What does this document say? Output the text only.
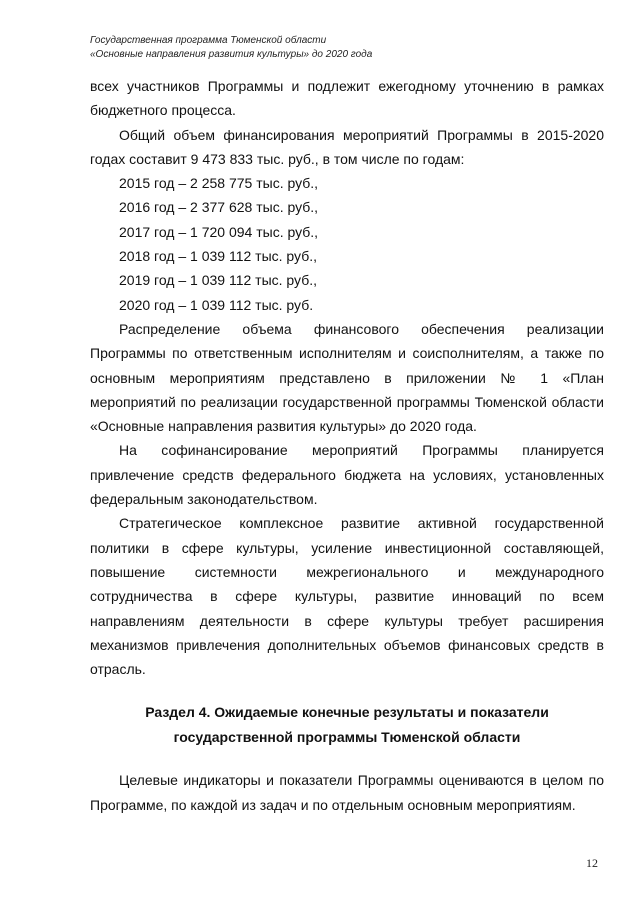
Государственная программа Тюменской области
«Основные направления развития культуры» до 2020 года

всех участников Программы и подлежит ежегодному уточнению в рамках бюджетного процесса.

Общий объем финансирования мероприятий Программы в 2015-2020 годах составит 9 473 833 тыс. руб., в том числе по годам:

2015 год – 2 258 775 тыс. руб.,

2016 год – 2 377 628 тыс. руб.,

2017 год – 1 720 094 тыс. руб.,

2018 год – 1 039 112 тыс. руб.,

2019 год – 1 039 112 тыс. руб.,

2020 год – 1 039 112 тыс. руб.

Распределение объема финансового обеспечения реализации Программы по ответственным исполнителям и соисполнителям, а также по основным мероприятиям представлено в приложении № 1 «План мероприятий по реализации государственной программы Тюменской области «Основные направления развития культуры» до 2020 года.

На софинансирование мероприятий Программы планируется привлечение средств федерального бюджета на условиях, установленных федеральным законодательством.

Стратегическое комплексное развитие активной государственной политики в сфере культуры, усиление инвестиционной составляющей, повышение системности межрегионального и международного сотрудничества в сфере культуры, развитие инноваций по всем направлениям деятельности в сфере культуры требует расширения механизмов привлечения дополнительных объемов финансовых средств в отрасль.

Раздел 4. Ожидаемые конечные результаты и показатели
государственной программы Тюменской области

Целевые индикаторы и показатели Программы оцениваются в целом по Программе, по каждой из задач и по отдельным основным мероприятиям.

12
